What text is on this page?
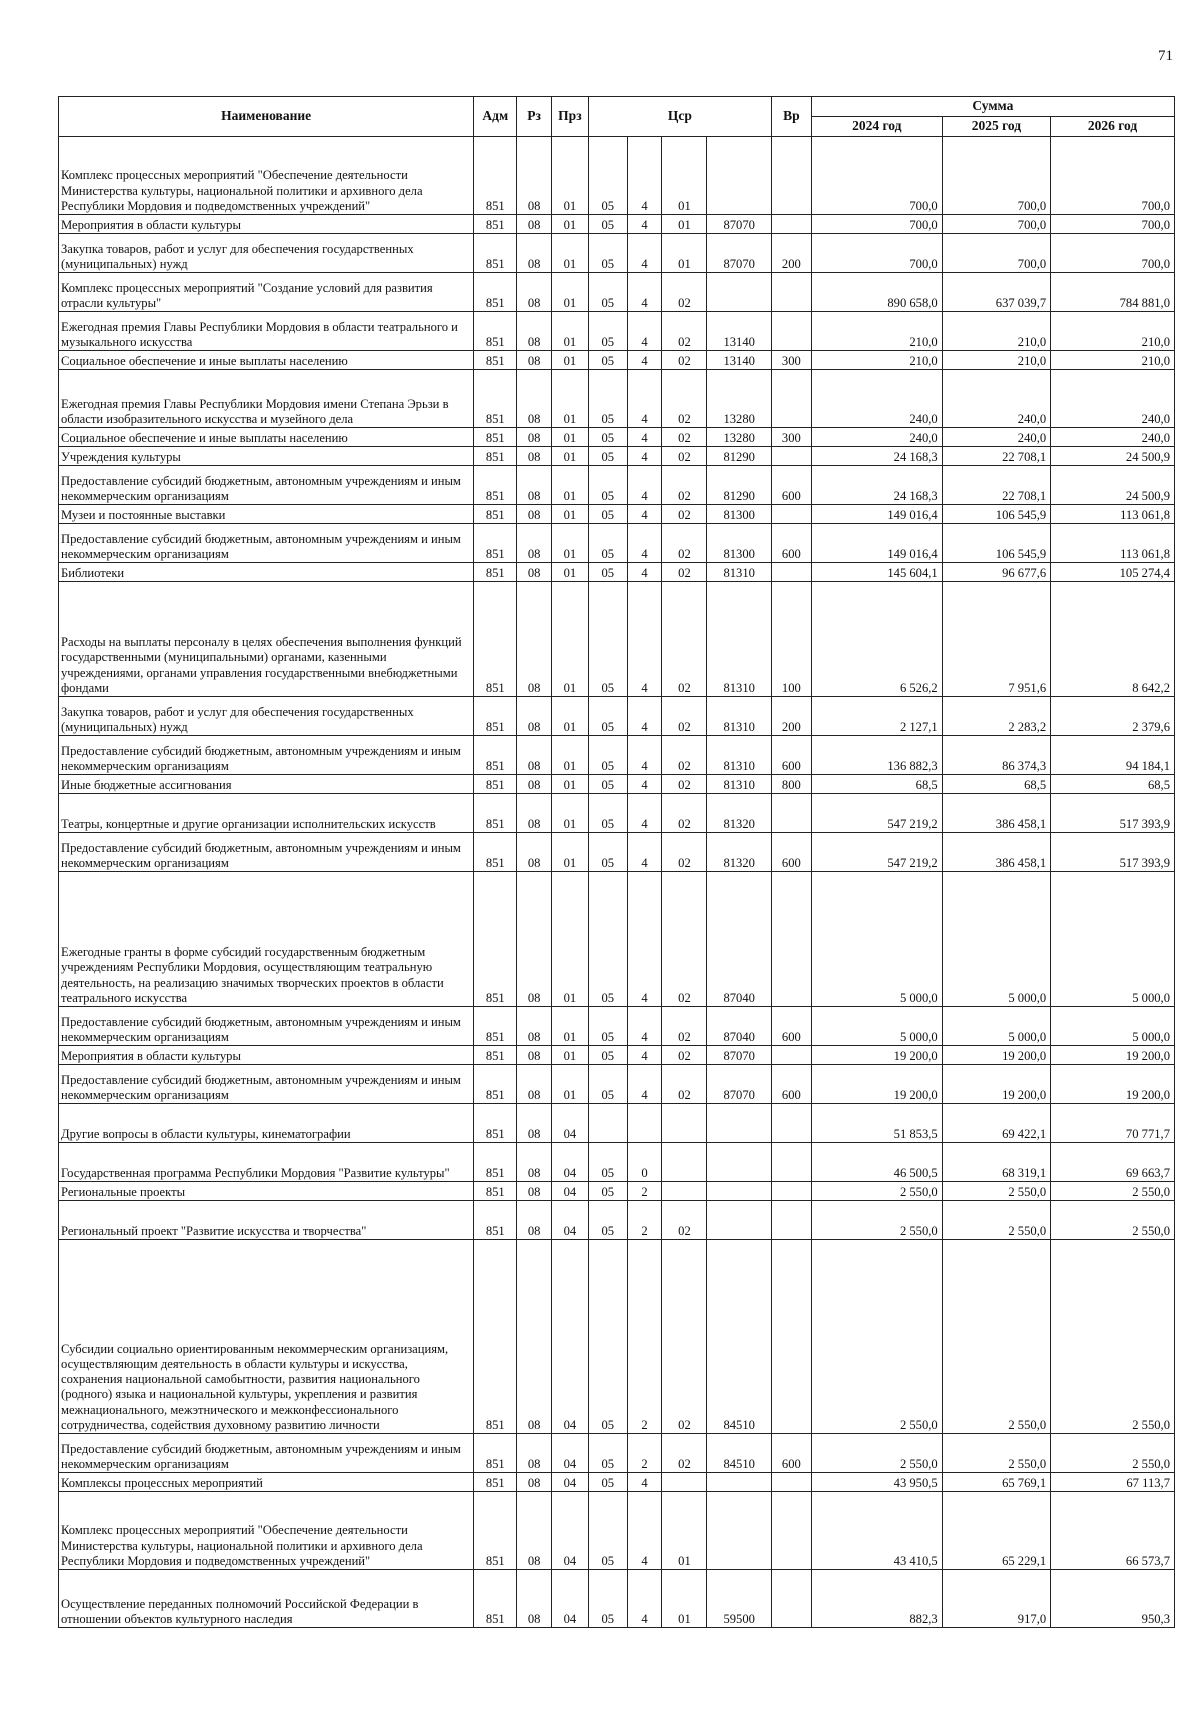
71
Наименование	Адм	Рз	Прз	Цср				Вр	Сумма		
									2024 год	2025 год	2026 год
Комплекс процессных мероприятий "Обеспечение деятельности Министерства культуры, национальной политики и архивного дела Республики Мордовия и подведомственных учреждений"	851	08	01	05	4	01			700,0	700,0	700,0
Мероприятия в области культуры	851	08	01	05	4	01	87070		700,0	700,0	700,0
Закупка товаров, работ и услуг для обеспечения государственных (муниципальных) нужд	851	08	01	05	4	01	87070	200	700,0	700,0	700,0
Комплекс процессных мероприятий "Создание условий для развития отрасли культуры"	851	08	01	05	4	02			890 658,0	637 039,7	784 881,0
Ежегодная премия Главы Республики Мордовия в области театрального и музыкального искусства	851	08	01	05	4	02	13140		210,0	210,0	210,0
Социальное обеспечение и иные выплаты населению	851	08	01	05	4	02	13140	300	210,0	210,0	210,0
Ежегодная премия Главы Республики Мордовия имени Степана Эрьзи в области изобразительного искусства и музейного дела	851	08	01	05	4	02	13280		240,0	240,0	240,0
Социальное обеспечение и иные выплаты населению	851	08	01	05	4	02	13280	300	240,0	240,0	240,0
Учреждения культуры	851	08	01	05	4	02	81290		24 168,3	22 708,1	24 500,9
Предоставление субсидий бюджетным, автономным учреждениям и иным некоммерческим организациям	851	08	01	05	4	02	81290	600	24 168,3	22 708,1	24 500,9
Музеи и постоянные выставки	851	08	01	05	4	02	81300		149 016,4	106 545,9	113 061,8
Предоставление субсидий бюджетным, автономным учреждениям и иным некоммерческим организациям	851	08	01	05	4	02	81300	600	149 016,4	106 545,9	113 061,8
Библиотеки	851	08	01	05	4	02	81310		145 604,1	96 677,6	105 274,4
Расходы на выплаты персоналу в целях обеспечения выполнения функций государственными (муниципальными) органами, казенными учреждениями, органами управления государственными внебюджетными фондами	851	08	01	05	4	02	81310	100	6 526,2	7 951,6	8 642,2
Закупка товаров, работ и услуг для обеспечения государственных (муниципальных) нужд	851	08	01	05	4	02	81310	200	2 127,1	2 283,2	2 379,6
Предоставление субсидий бюджетным, автономным учреждениям и иным некоммерческим организациям	851	08	01	05	4	02	81310	600	136 882,3	86 374,3	94 184,1
Иные бюджетные ассигнования	851	08	01	05	4	02	81310	800	68,5	68,5	68,5
Театры, концертные и другие организации исполнительских искусств	851	08	01	05	4	02	81320		547 219,2	386 458,1	517 393,9
Предоставление субсидий бюджетным, автономным учреждениям и иным некоммерческим организациям	851	08	01	05	4	02	81320	600	547 219,2	386 458,1	517 393,9
Ежегодные гранты в форме субсидий государственным бюджетным учреждениям Республики Мордовия, осуществляющим театральную деятельность, на реализацию значимых творческих проектов в области театрального искусства	851	08	01	05	4	02	87040		5 000,0	5 000,0	5 000,0
Предоставление субсидий бюджетным, автономным учреждениям и иным некоммерческим организациям	851	08	01	05	4	02	87040	600	5 000,0	5 000,0	5 000,0
Мероприятия в области культуры	851	08	01	05	4	02	87070		19 200,0	19 200,0	19 200,0
Предоставление субсидий бюджетным, автономным учреждениям и иным некоммерческим организациям	851	08	01	05	4	02	87070	600	19 200,0	19 200,0	19 200,0
Другие вопросы в области культуры, кинематографии	851	08	04						51 853,5	69 422,1	70 771,7
Государственная программа Республики Мордовия "Развитие культуры"	851	08	04	05	0				46 500,5	68 319,1	69 663,7
Региональные проекты	851	08	04	05	2				2 550,0	2 550,0	2 550,0
Региональный проект "Развитие искусства и творчества"	851	08	04	05	2	02			2 550,0	2 550,0	2 550,0
Субсидии социально ориентированным некоммерческим организациям, осуществляющим деятельность в области культуры и искусства, сохранения национальной самобытности, развития национального (родного) языка и национальной культуры, укрепления и развития межнационального, межэтнического и межконфессионального сотрудничества, содействия духовному развитию личности	851	08	04	05	2	02	84510		2 550,0	2 550,0	2 550,0
Предоставление субсидий бюджетным, автономным учреждениям и иным некоммерческим организациям	851	08	04	05	2	02	84510	600	2 550,0	2 550,0	2 550,0
Комплексы процессных мероприятий	851	08	04	05	4				43 950,5	65 769,1	67 113,7
Комплекс процессных мероприятий "Обеспечение деятельности Министерства культуры, национальной политики и архивного дела Республики Мордовия и подведомственных учреждений"	851	08	04	05	4	01			43 410,5	65 229,1	66 573,7
Осуществление переданных полномочий Российской Федерации в отношении объектов культурного наследия	851	08	04	05	4	01	59500		882,3	917,0	950,3
